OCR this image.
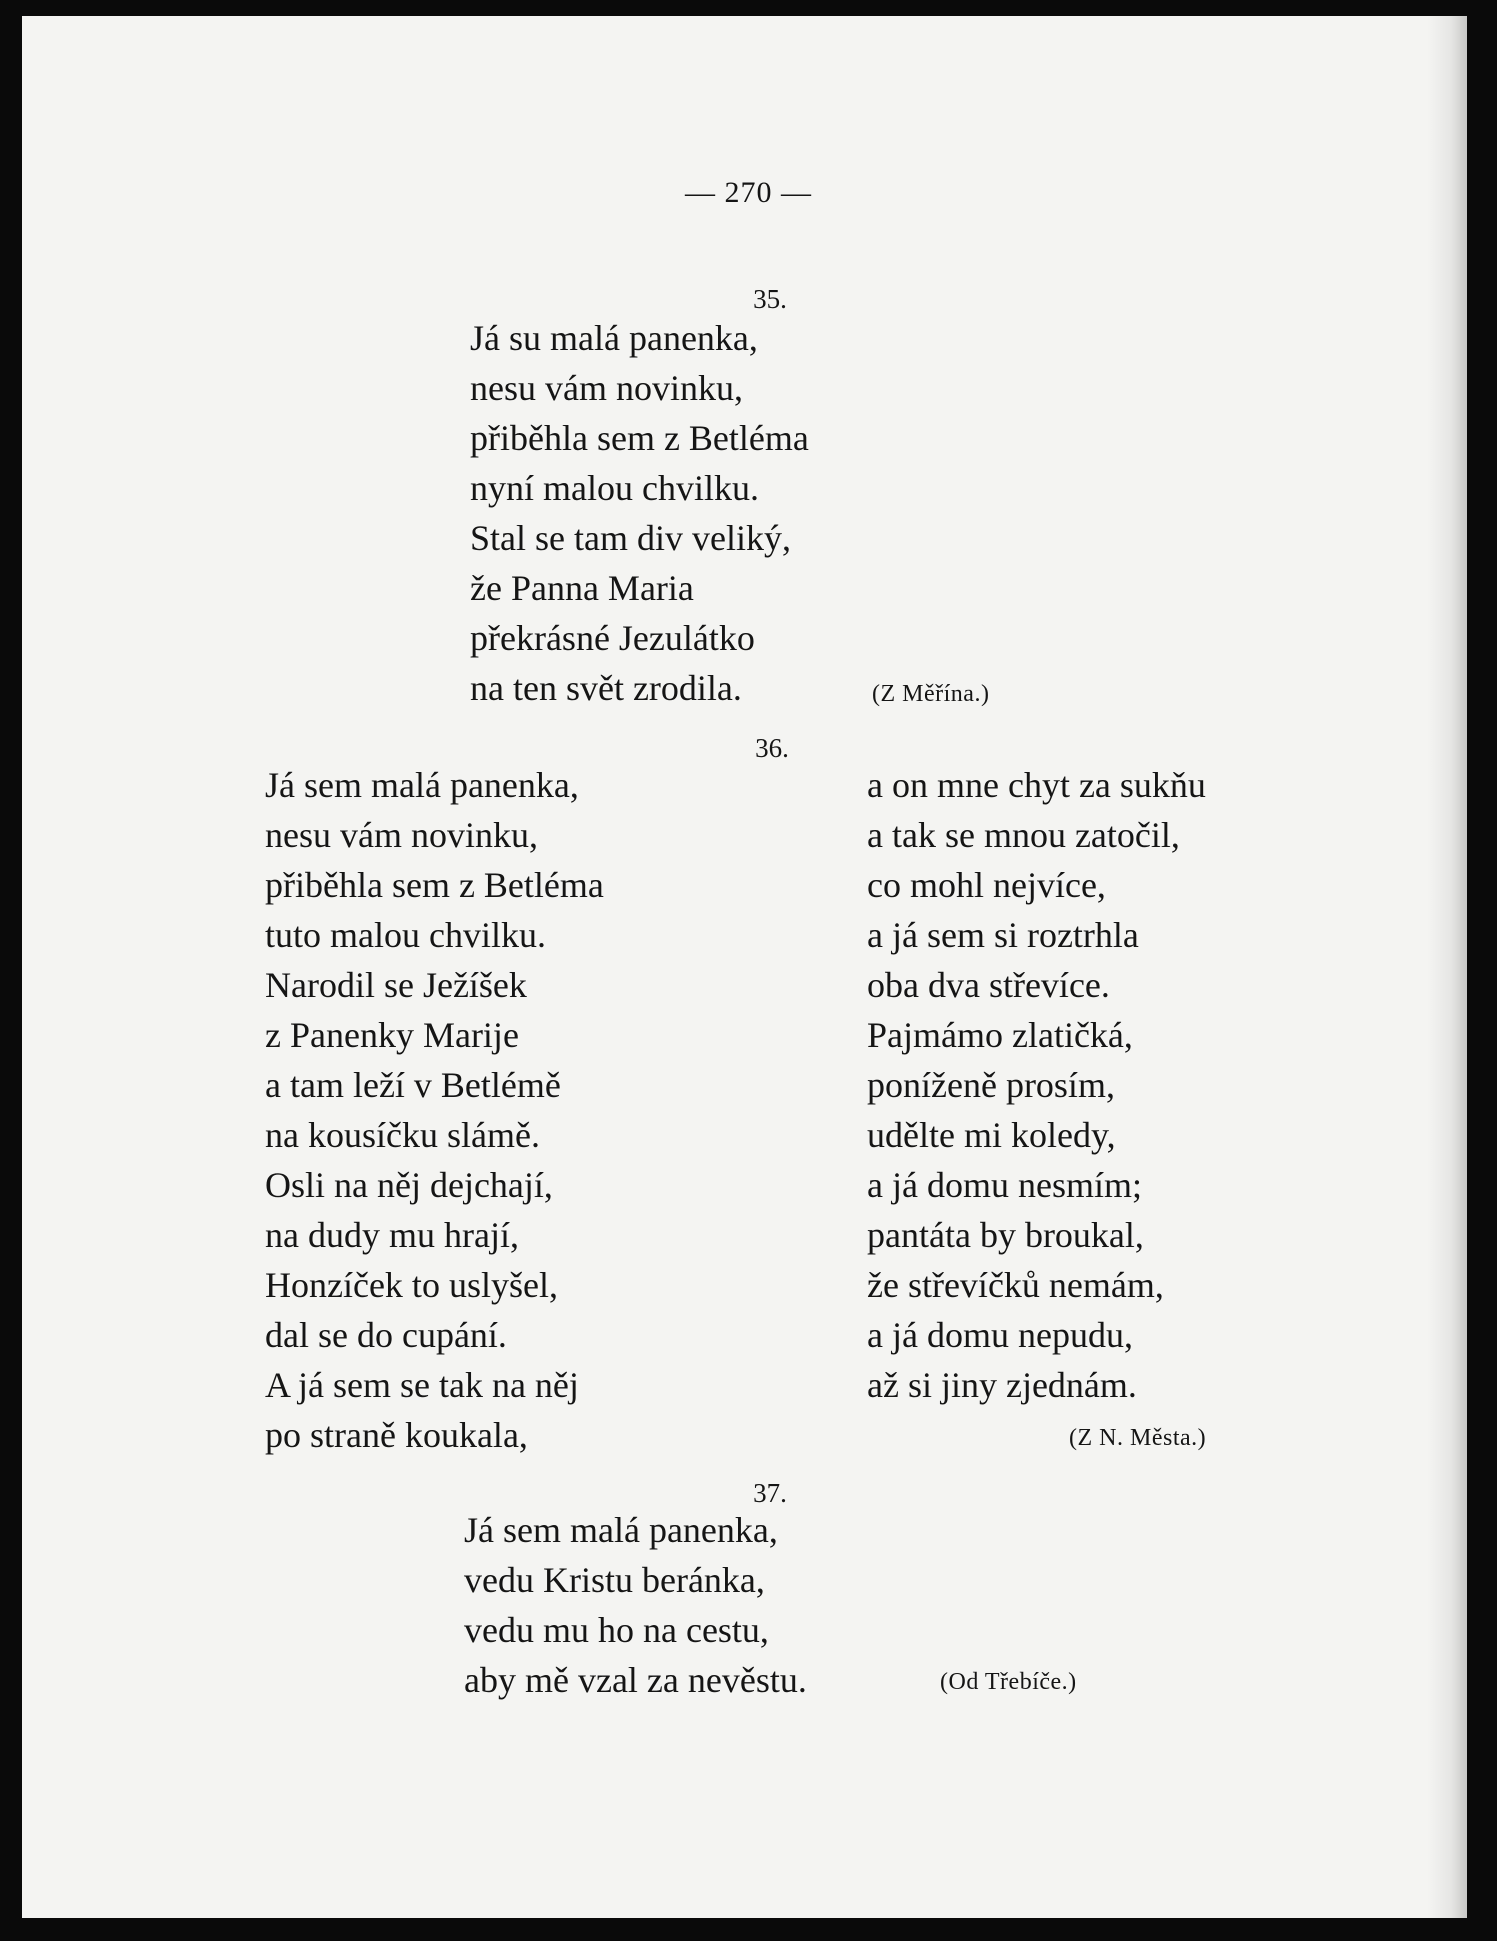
— 270 —
35.
Já su malá panenka,
nesu vám novinku,
přiběhla sem z Betléma
nyní malou chvilku.
Stal se tam div veliký,
že Panna Maria
překrásné Jezulátko
na ten svět zrodila.	(Z Měřína.)
36.
Já sem malá panenka,
nesu vám novinku,
přiběhla sem z Betléma
tuto malou chvilku.
Narodil se Ježíšek
z Panenky Marije
a tam leží v Betlémě
na kousíčku slámě.
Osli na něj dejchají,
na dudy mu hrají,
Honzíček to uslyšel,
dal se do cupání.
A já sem se tak na něj
po straně koukala,
a on mne chyt za sukňu
a tak se mnou zatočil,
co mohl nejvíce,
a já sem si roztrhla
oba dva střevíce.
Pajmámo zlatičká,
poníženě prosím,
udělte mi koledy,
a já domu nesmím;
pantáta by broukal,
že střevíčků nemám,
a já domu nepudu,
až si jiny zjednám.
(Z N. Města.)
37.
Já sem malá panenka,
vedu Kristu beránka,
vedu mu ho na cestu,
aby mě vzal za nevěstu.	(Od Třebíče.)
